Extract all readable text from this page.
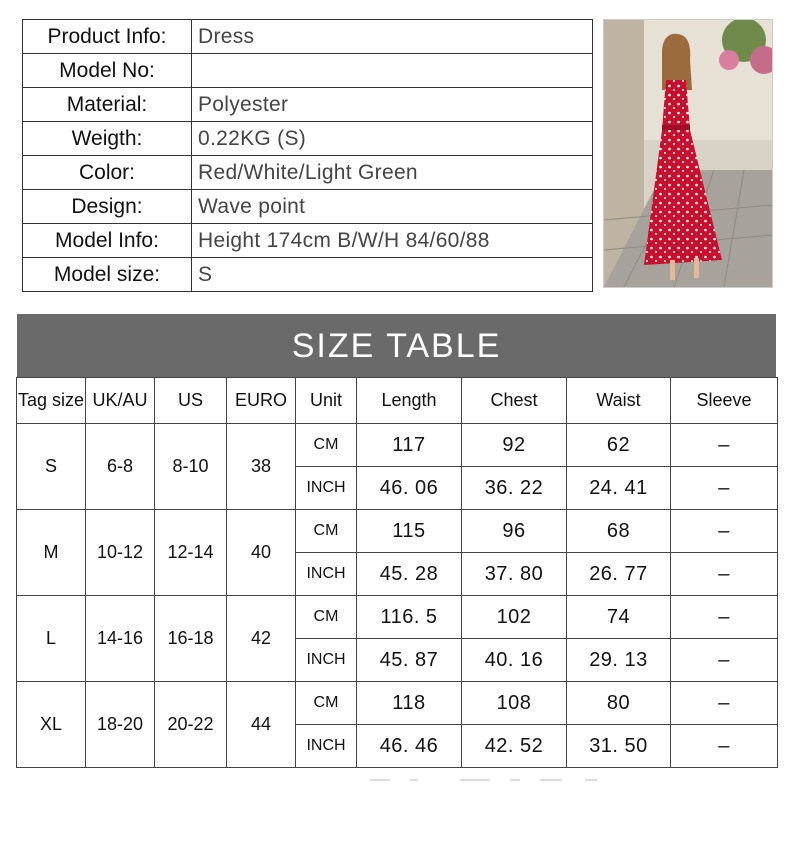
Product Info:	Dress
Model No:	
Material:	Polyester
Weigth:	0.22KG (S)
Color:	Red/White/Light Green
Design:	Wave point
Model Info:	Height 174cm B/W/H 84/60/88
Model size:	S
SIZE TABLE
Tag size	UK/AU	US	EURO	Unit	Length	Chest	Waist	Sleeve
S	6-8	8-10	38	CM	117	92	62	–
				INCH	46. 06	36. 22	24. 41	–
M	10-12	12-14	40	CM	115	96	68	–
				INCH	45. 28	37. 80	26. 77	–
L	14-16	16-18	42	CM	116. 5	102	74	–
				INCH	45. 87	40. 16	29. 13	–
XL	18-20	20-22	44	CM	118	108	80	–
				INCH	46. 46	42. 52	31. 50	–
